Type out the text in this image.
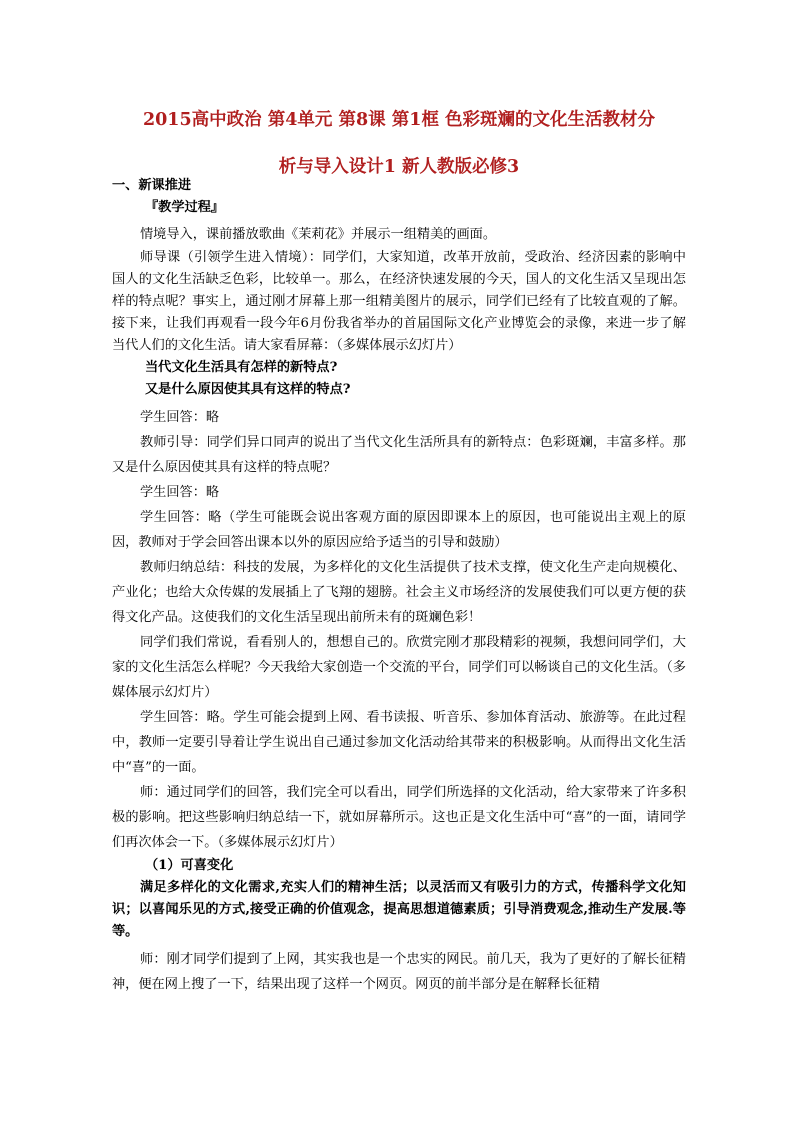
2015高中政治 第4单元 第8课 第1框 色彩斑斓的文化生活教材分
析与导入设计1 新人教版必修3

一、新课推进

『教学过程』

情境导入，课前播放歌曲《茉莉花》并展示一组精美的画面。

师导课（引领学生进入情境）：同学们，大家知道，改革开放前，受政治、经济因素的影响中国人的文化生活缺乏色彩，比较单一。那么，在经济快速发展的今天，国人的文化生活又呈现出怎样的特点呢？事实上，通过刚才屏幕上那一组精美图片的展示，同学们已经有了比较直观的了解。接下来，让我们再观看一段今年6月份我省举办的首届国际文化产业博览会的录像，来进一步了解当代人们的文化生活。请大家看屏幕：（多媒体展示幻灯片）

当代文化生活具有怎样的新特点?

又是什么原因使其具有这样的特点?

学生回答：略

教师引导：同学们异口同声的说出了当代文化生活所具有的新特点：色彩斑斓，丰富多样。那又是什么原因使其具有这样的特点呢？

学生回答：略

学生回答：略（学生可能既会说出客观方面的原因即课本上的原因，也可能说出主观上的原因，教师对于学会回答出课本以外的原因应给予适当的引导和鼓励）

教师归纳总结：科技的发展，为多样化的文化生活提供了技术支撑，使文化生产走向规模化、产业化；也给大众传媒的发展插上了飞翔的翅膀。社会主义市场经济的发展使我们可以更方便的获得文化产品。这使我们的文化生活呈现出前所未有的斑斓色彩！

同学们我们常说，看看别人的，想想自己的。欣赏完刚才那段精彩的视频，我想问同学们，大家的文化生活怎么样呢？今天我给大家创造一个交流的平台，同学们可以畅谈自己的文化生活。（多媒体展示幻灯片）

学生回答：略。学生可能会提到上网、看书读报、听音乐、参加体育活动、旅游等。在此过程中，教师一定要引导着让学生说出自己通过参加文化活动给其带来的积极影响。从而得出文化生活中“喜”的一面。

师：通过同学们的回答，我们完全可以看出，同学们所选择的文化活动，给大家带来了许多积极的影响。把这些影响归纳总结一下，就如屏幕所示。这也正是文化生活中可“喜”的一面，请同学们再次体会一下。（多媒体展示幻灯片）

（1）可喜变化

满足多样化的文化需求,充实人们的精神生活；以灵活而又有吸引力的方式，传播科学文化知识；以喜闻乐见的方式,接受正确的价值观念，提高思想道德素质；引导消费观念,推动生产发展.等等。

师：刚才同学们提到了上网，其实我也是一个忠实的网民。前几天，我为了更好的了解长征精神，便在网上搜了一下，结果出现了这样一个网页。网页的前半部分是在解释长征精
